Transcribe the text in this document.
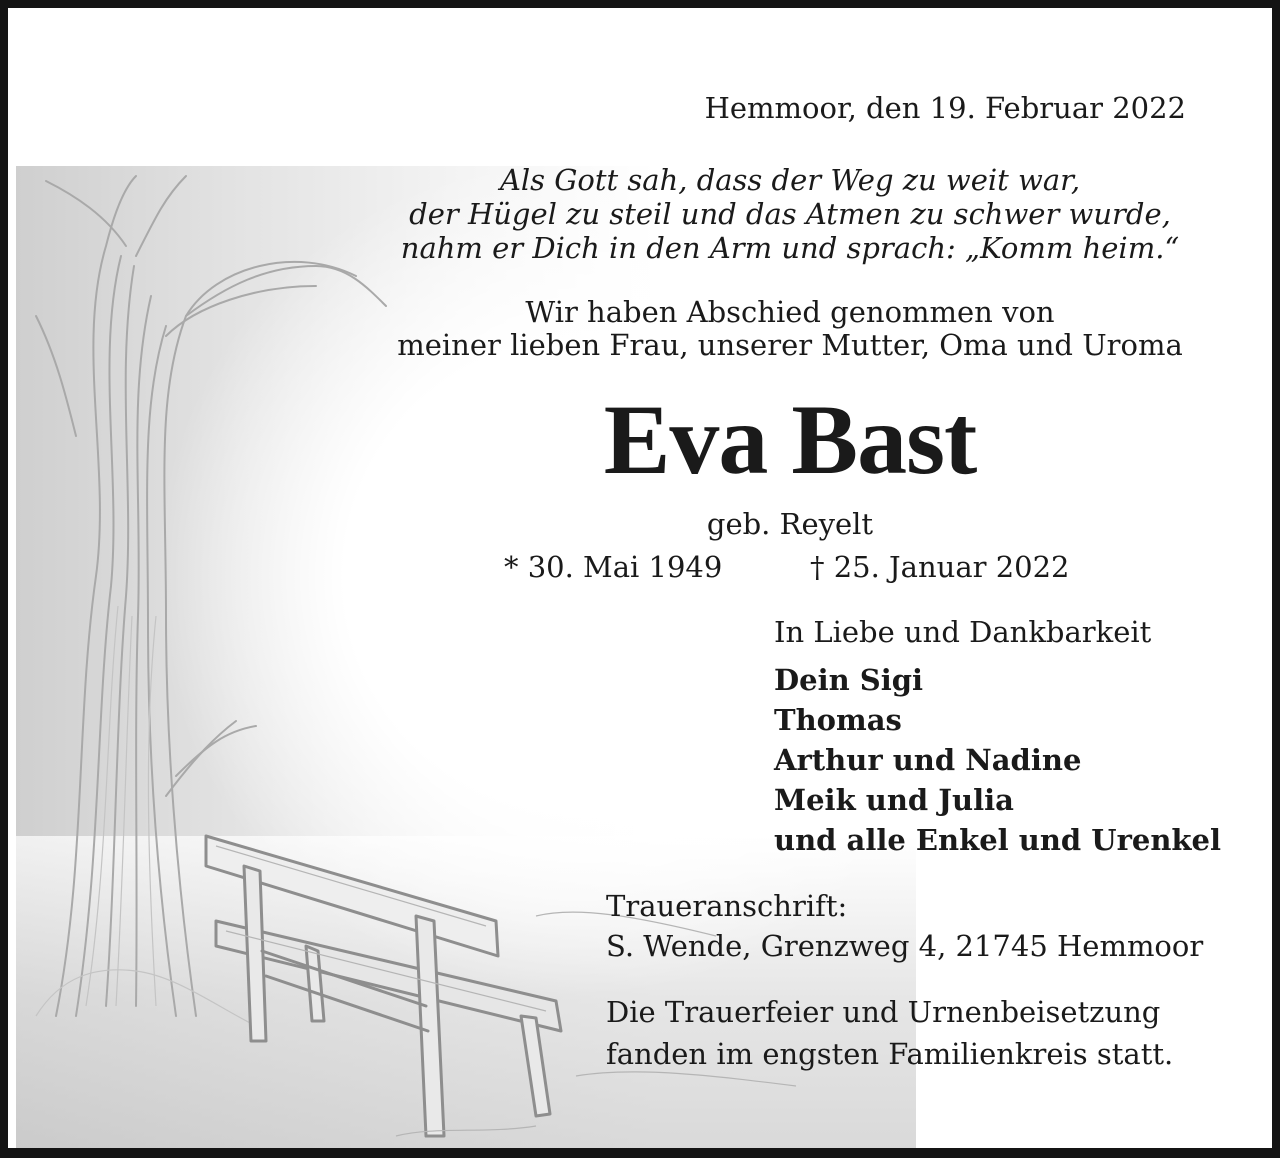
Hemmoor, den 19. Februar 2022

Als Gott sah, dass der Weg zu weit war,

der Hügel zu steil und das Atmen zu schwer wurde,

nahm er Dich in den Arm und sprach: „Komm heim.“

Wir haben Abschied genommen von

meiner lieben Frau, unserer Mutter, Oma und Uroma

Eva Bast

geb. Reyelt

* 30. Mai 1949	† 25. Januar 2022

In Liebe und Dankbarkeit

Dein Sigi
Thomas
Arthur und Nadine
Meik und Julia
und alle Enkel und Urenkel

Traueranschrift:

S. Wende, Grenzweg 4, 21745 Hemmoor

Die Trauerfeier und Urnenbeisetzung

fanden im engsten Familienkreis statt.
